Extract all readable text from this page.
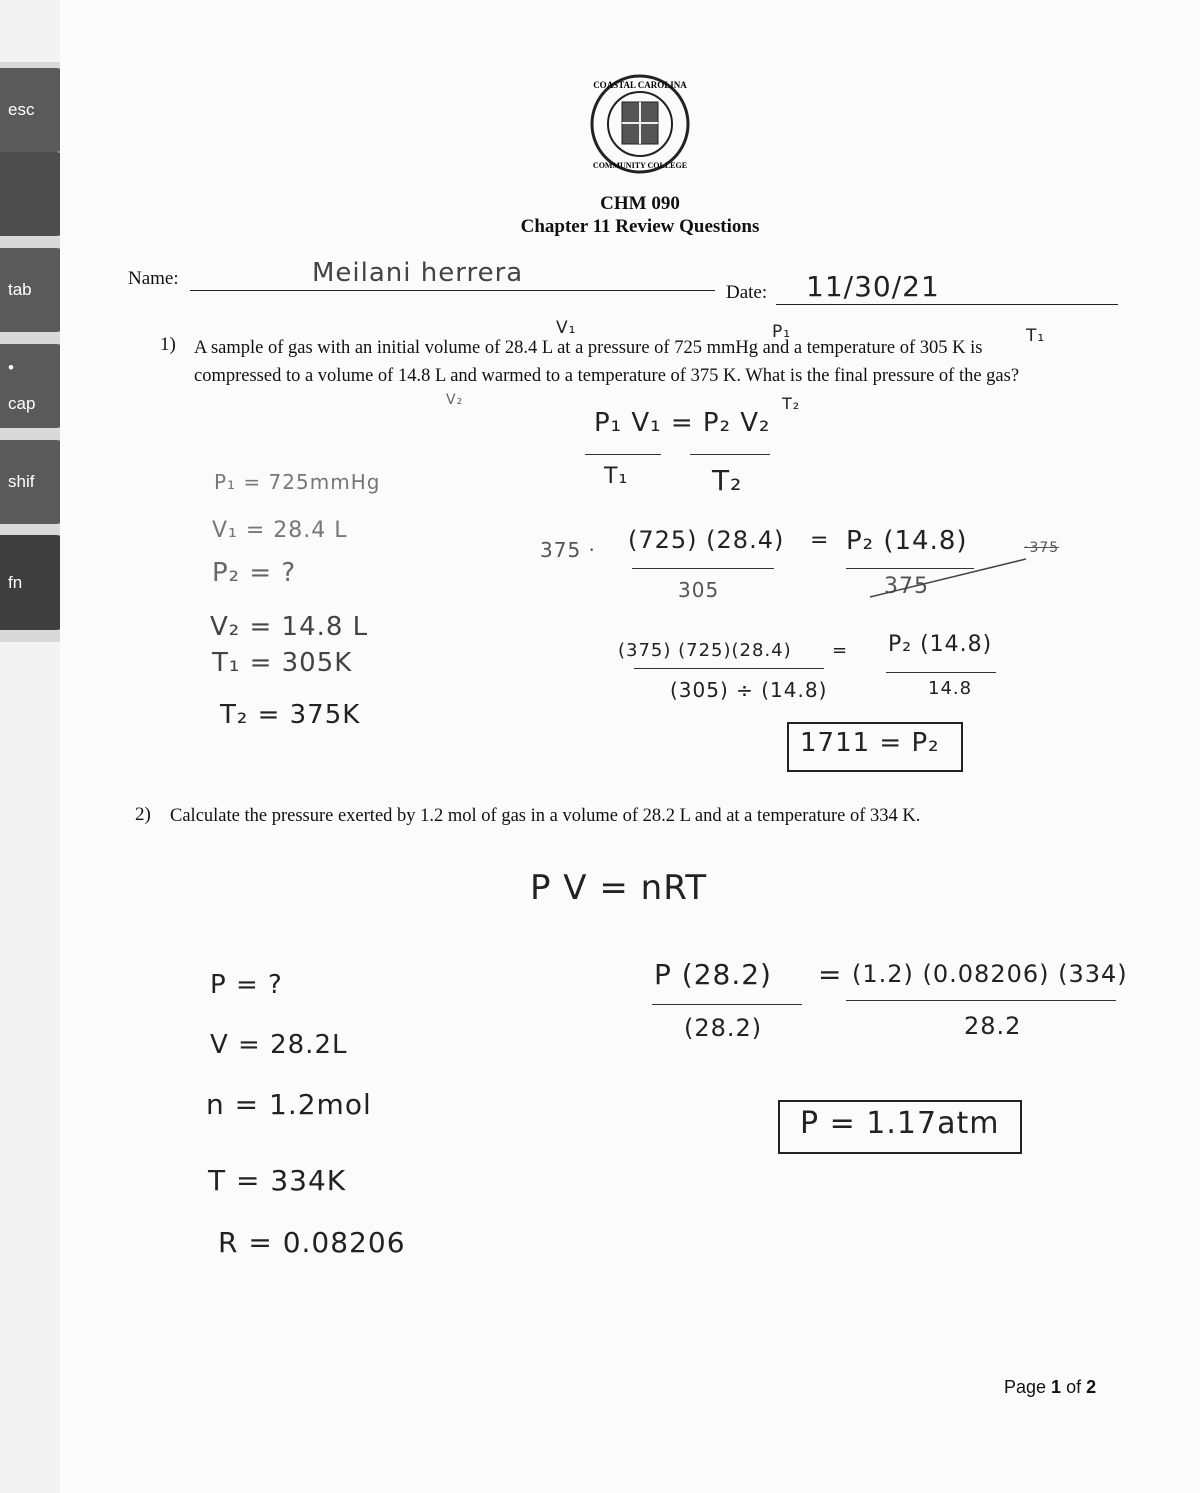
esc
tab
•
cap
shif
fn
COASTAL CAROLINA
COMMUNITY COLLEGE
CHM 090
Chapter 11 Review Questions
Name:	Meilani herrera
Date: 11/30/21
1) A sample of gas with an initial volume of 28.4 L at a pressure of 725 mmHg and a temperature of 305 K is
compressed to a volume of 14.8 L and warmed to a temperature of 375 K. What is the final pressure of the gas?
V₁	P₁	T₁
V₂	T₂
P₁ V₁ = P₂ V₂
T₁	T₂
P₁ = 725mmHg
V₁ = 28.4 L
P₂ = ?
V₂ = 14.8 L
T₁ = 305K
T₂ = 375K
375 · (725) (28.4) = P₂ (14.8)	·375
305	375
(375) (725)(28.4) =
(305) ÷ (14.8)
P₂ (14.8)
14.8
1711 = P₂
2) Calculate the pressure exerted by 1.2 mol of gas in a volume of 28.2 L and at a temperature of 334 K.
P V = nRT
P = ?
V = 28.2L
n = 1.2mol
T = 334K
R = 0.08206
P (28.2) = (1.2) (0.08206) (334)
(28.2)	28.2
P = 1.17atm
Page 1 of 2
